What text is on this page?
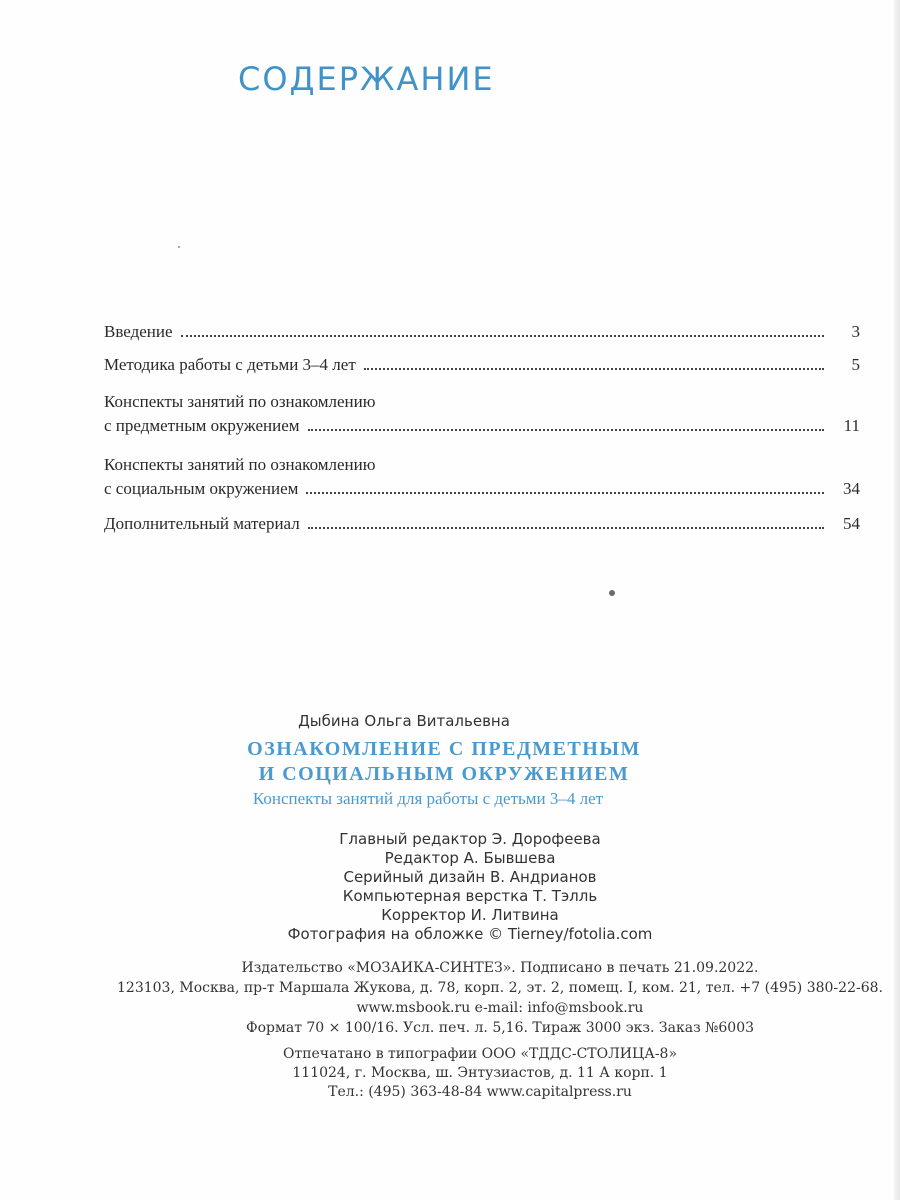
СОДЕРЖАНИЕ
Введение	3
Методика работы с детьми 3–4 лет	5
Конспекты занятий по ознакомлению
с предметным окружением	11
Конспекты занятий по ознакомлению
с социальным окружением	34
Дополнительный материал	54
Дыбина Ольга Витальевна
ОЗНАКОМЛЕНИЕ С ПРЕДМЕТНЫМ
И СОЦИАЛЬНЫМ ОКРУЖЕНИЕМ
Конспекты занятий для работы с детьми 3–4 лет
Главный редактор Э. Дорофеева
Редактор А. Бывшева
Серийный дизайн В. Андрианов
Компьютерная верстка Т. Тэлль
Корректор И. Литвина
Фотография на обложке © Tierney/fotolia.com
Издательство «МОЗАИКА-СИНТЕЗ». Подписано в печать 21.09.2022.
123103, Москва, пр-т Маршала Жукова, д. 78, корп. 2, эт. 2, помещ. I, ком. 21, тел. +7 (495) 380-22-68.
www.msbook.ru e-mail: info@msbook.ru
Формат 70 × 100/16. Усл. печ. л. 5,16. Тираж 3000 экз. Заказ №6003
Отпечатано в типографии ООО «ТДДС-СТОЛИЦА-8»
111024, г. Москва, ш. Энтузиастов, д. 11 А корп. 1
Тел.: (495) 363-48-84 www.capitalpress.ru
